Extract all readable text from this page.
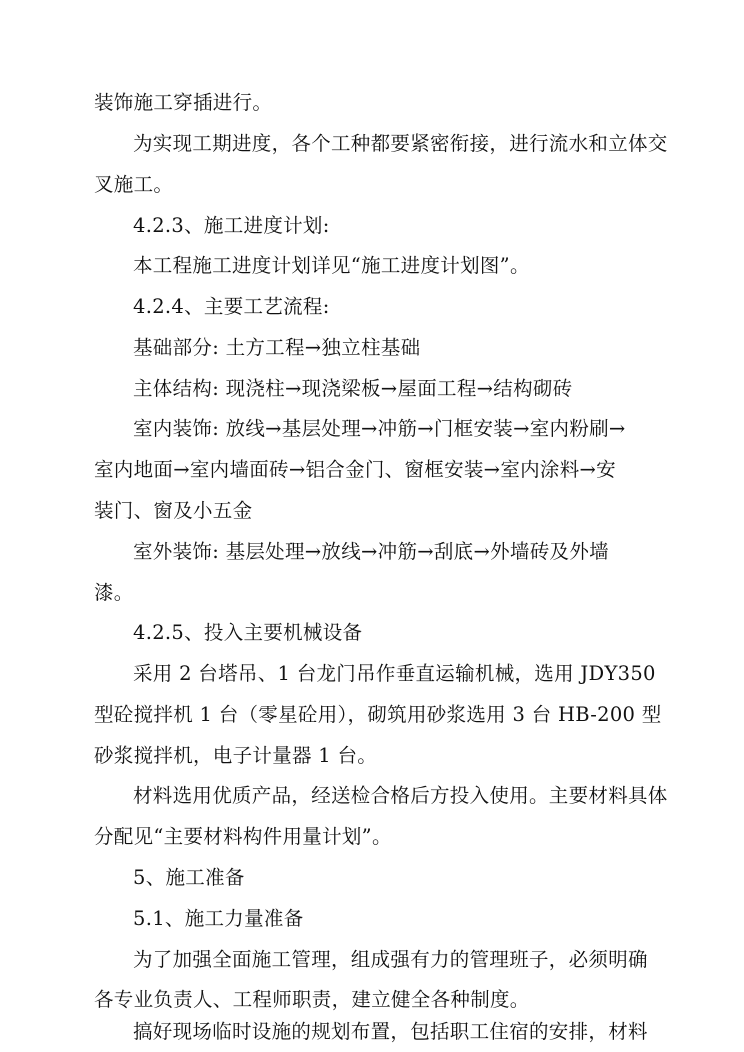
装饰施工穿插进行。
为实现工期进度，各个工种都要紧密衔接，进行流水和立体交
叉施工。
4.2.3、施工进度计划:
本工程施工进度计划详见“施工进度计划图”。
4.2.4、主要工艺流程:
基础部分: 土方工程→独立柱基础
主体结构: 现浇柱→现浇梁板→屋面工程→结构砌砖
室内装饰: 放线→基层处理→冲筋→门框安装→室内粉刷→
室内地面→室内墙面砖→铝合金门、窗框安装→室内涂料→安
装门、窗及小五金
室外装饰: 基层处理→放线→冲筋→刮底→外墙砖及外墙
漆。
4.2.5、投入主要机械设备
采用 2 台塔吊、1 台龙门吊作垂直运输机械，选用 JDY350
型砼搅拌机 1 台（零星砼用），砌筑用砂浆选用 3 台 HB-200 型
砂浆搅拌机，电子计量器 1 台。
材料选用优质产品，经送检合格后方投入使用。主要材料具体
分配见“主要材料构件用量计划”。
5、施工准备
5.1、施工力量准备
为了加强全面施工管理，组成强有力的管理班子，必须明确
各专业负责人、工程师职责，建立健全各种制度。
搞好现场临时设施的规划布置，包括职工住宿的安排，材料
